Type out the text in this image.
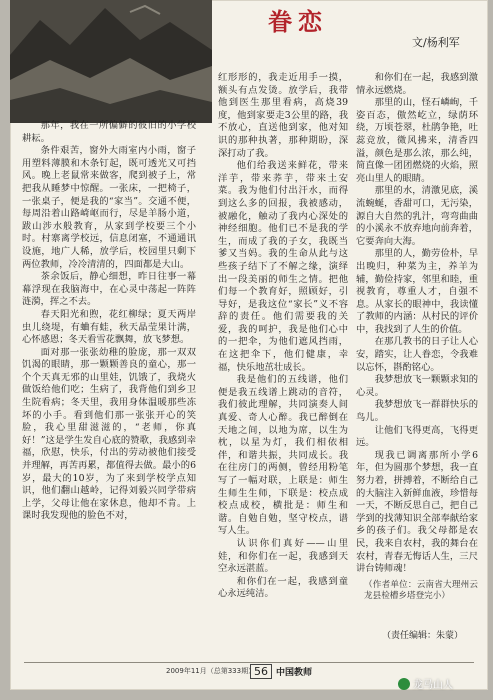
眷恋
文/杨利军

那年，我在一所偏僻的彼旧的小学校耕耘。

条件艰苦，窗外大雨室内小雨，窗子用塑料薄膜和木条钉起，既可透光又可挡风。晚上老鼠常来做客，爬到被子上，常把我从睡梦中惊醒。一张床，一把椅子，一张桌子，便是我的“家当”。交通不便，每周沿着山路崎岖而行，尽是羊肠小道，跋山涉水般教育，从家到学校要三个小时。村寨离学校远，信息闭塞，不通通讯设施，地广人稀，放学后，校园里只剩下两位教师，冷冷清清的，四面都是大山。

茶余饭后，静心细想，昨日往事一幕幕浮现在我脑海中，在心灵中荡起一阵阵涟漪，挥之不去。

春天阳光和煦，花红柳绿；夏天两岸虫儿绕堤，有蛐有蛙，秋天晶莹果计满，心怀感恩；冬天看雪花飘舞，放飞梦想。

面对那一张张幼稚的脸庞，那一双双饥渴的眼睛，那一颗颗善良的童心，那一个个天真无邪的山里娃，饥饿了，我烧火做饭给他们吃；生病了，我背他们到乡卫生院看病；冬天里，我用身体温暖那些冻坏的小手。看到他们那一张张开心的笑脸，我心里甜滋滋的，“老师，你真好！”这是学生发自心底的赞歌，我感到幸福，欣慰，快乐，付出的劳动被他们接受并理解，再苦再累，都值得去做。最小的6岁，最大的10岁，为了来到学校学点知识，他们翻山越岭，记得刘毅兴同学带病上学，父母让他在家休息，他却不肯。上课时我发现他的脸色不对，

红形形的，我走近用手一摸，额头有点发烫。放学后，我带他到医生那里看病，高烧39度，他到家要走3公里的路，我不放心，直送他到家，他对知识的那种执著，那种期盼，深深打动了我。

他们给我送来鲜花，带来洋芋，带来荞芋，带来土安菜。我为他们付出汗水，而得到这么多的回报，我被感动，被融化，触动了我内心深处的神经细胞。他们已不是我的学生，而成了我的子女，我既当爹又当妈。我的生命从此与这些孩子结下了不解之缘，演绎出一段美丽的师生之情。把他们每一个教育好，照顾好，引导好，是我这位“家长”义不容辞的责任。他们需要我的关爱，我的呵护，我是他们心中的一把伞，为他们遮风挡雨，在这把伞下，他们健康，幸福，快乐地茁壮成长。

我是他们的五线谱，他们便是我五线谱上跳动的音符，我们彼此理解，共同演奏人间真爱、奇人心醉。我已醉倒在天地之间，以地为席，以生为枕，以星为灯，我们相依相伴，和谐共振，共同成长。我在往房门的两侧，曾经用粉笔写了一幅对联，上联是：师生生师生生师，下联是：校点成校点成校，横批是：师生和谐。自勉自勉，坚守校点，谱写人生。

认识你们真好——山里娃，和你们在一起，我感到天空永远湛蓝。

和你们在一起，我感到童心永远纯洁。

和你们在一起，我感到激情永远燃烧。

那里的山，怪石嶙峋，千姿百态，傲然屹立，绿荫环绕，万顷苍翠，杜鹃争艳，吐蕊竞放，微风拂来，清香四溢，颜色是那么浓，那么纯，简直像一团团燃烧的火焰，照亮山里人的眼睛。

那里的水，清激见底，溪流蜿蜒，香甜可口，无污染，源自大自然的乳汁，弯弯曲曲的小溪永不放弃地向前奔着，它要奔向大海。

那里的人，勤劳俭朴，早出晚归，种菜为主，养羊为辅，勤俭持家，邻里和睦，重视教育，尊重人才，自强不息。从家长的眼神中，我读懂了教师的内涵：从村民的评价中，我找到了人生的价值。

在那几教书的日子让人心安，踏实，让人眷恋，令我难以忘怀，斟酌铭心。

我梦想放飞一颗颗求知的心灵。

我梦想放飞一群群快乐的鸟儿。

让他们飞得更高，飞得更远。

现我已调离那所小学6年，但为圆那个梦想，我一直努力着，拼搏着，不断给自己的大脑注入新鲜血液，珍惜每一天，不断反思自己，把自己学到的找薄知识全部奉献给家乡的孩子们。我父母都是农民，我来自农村，我的舞台在农村，青春无悔话人生，三尺讲台铸师魂！

（作者单位：云南省大理州云龙县检槽乡塔登完小）

（责任编辑：朱蒙）
2009年11月（总第333期）
56 中国教师
龙马山人
